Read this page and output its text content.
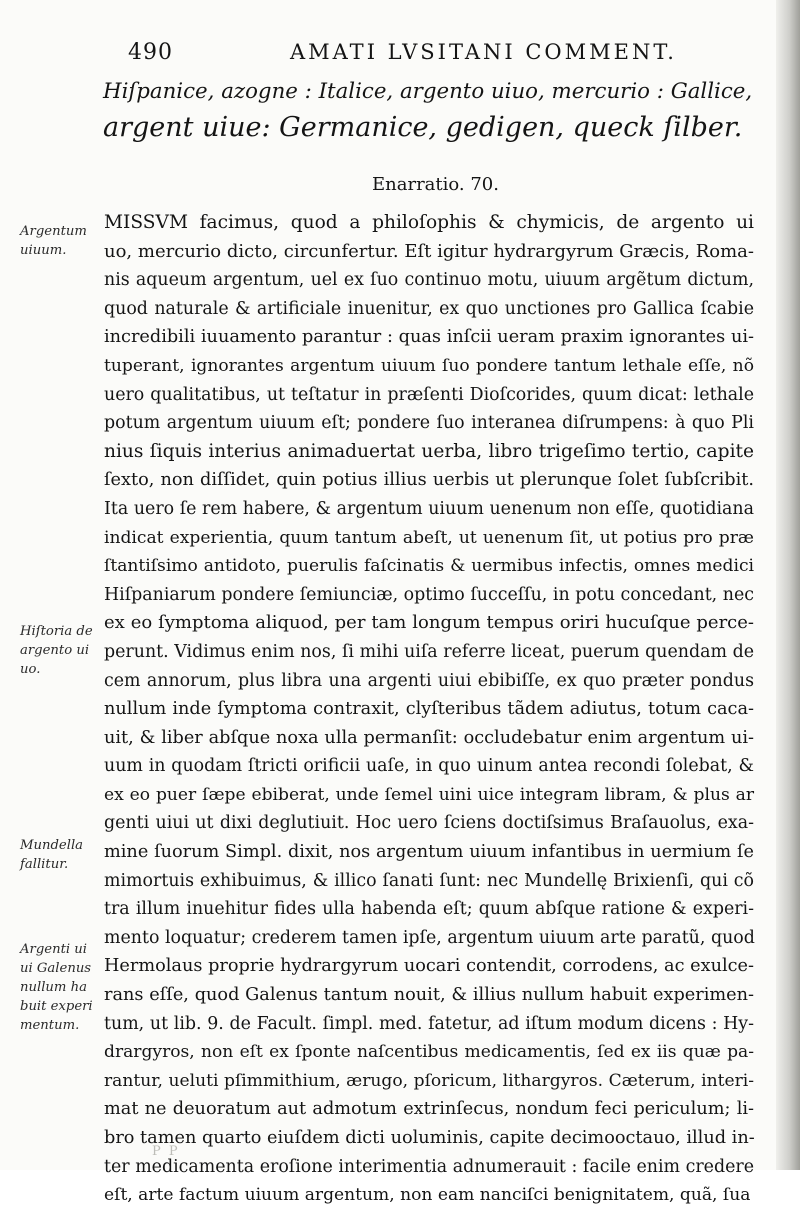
490	AMATI LVSITANI COMMENT.
Hiſpanice, azogne : Italice, argento uiuo, mercurio : Gallice,
argent uiue: Germanice, gedigen, queck ſilber.
Enarratio. 70.
MISSVM facimus, quod a philoſophis & chymicis, de argento ui
uo, mercurio dicto, circunfertur. Eſt igitur hydrargyrum Græcis, Roma-
nis aqueum argentum, uel ex ſuo continuo motu, uiuum argẽtum dictum,
quod naturale & artificiale inuenitur, ex quo unctiones pro Gallica ſcabie
incredibili iuuamento parantur : quas inſcii ueram praxim ignorantes ui-
tuperant, ignorantes argentum uiuum ſuo pondere tantum lethale eſſe, nõ
uero qualitatibus, ut teſtatur in præſenti Dioſcorides, quum dicat: lethale
potum argentum uiuum eſt; pondere ſuo interanea diſrumpens: à quo Pli
nius ſiquis interius animaduertat uerba, libro trigeſimo tertio, capite
ſexto, non diſſidet, quin potius illius uerbis ut plerunque ſolet ſubſcribit.
Ita uero ſe rem habere, & argentum uiuum uenenum non eſſe, quotidiana
indicat experientia, quum tantum abeſt, ut uenenum ſit, ut potius pro præ
ſtantiſsimo antidoto, puerulis faſcinatis & uermibus infectis, omnes medici
Hiſpaniarum pondere ſemiunciæ, optimo ſucceſſu, in potu concedant, nec
ex eo ſymptoma aliquod, per tam longum tempus oriri hucuſque perce-
perunt. Vidimus enim nos, ſi mihi uiſa referre liceat, puerum quendam de
cem annorum, plus libra una argenti uiui ebibiſſe, ex quo præter pondus
nullum inde ſymptoma contraxit, clyſteribus tãdem adiutus, totum caca-
uit, & liber abſque noxa ulla permanſit: occludebatur enim argentum ui-
uum in quodam ſtricti orificii uaſe, in quo uinum antea recondi ſolebat, &
ex eo puer ſæpe ebiberat, unde ſemel uini uice integram libram, & plus ar
genti uiui ut dixi deglutiuit. Hoc uero ſciens doctiſsimus Braſauolus, exa-
mine ſuorum Simpl. dixit, nos argentum uiuum infantibus in uermium ſe
mimortuis exhibuimus, & illico ſanati ſunt: nec Mundellę Brixienſi, qui cõ
tra illum inuehitur fides ulla habenda eſt; quum abſque ratione & experi-
mento loquatur; crederem tamen ipſe, argentum uiuum arte paratũ, quod
Hermolaus proprie hydrargyrum uocari contendit, corrodens, ac exulce-
rans eſſe, quod Galenus tantum nouit, & illius nullum habuit experimen-
tum, ut lib. 9. de Facult. ſimpl. med. fatetur, ad iſtum modum dicens : Hy-
drargyros, non eſt ex ſponte naſcentibus medicamentis, ſed ex iis quæ pa-
rantur, ueluti pſimmithium, ærugo, pſoricum, lithargyros. Cæterum, interi-
mat ne deuoratum aut admotum extrinſecus, nondum feci periculum; li-
bro tamen quarto eiuſdem dicti uoluminis, capite decimooctauo, illud in-
ter medicamenta eroſione interimentia adnumerauit : facile enim credere
eſt, arte factum uiuum argentum, non eam nanciſci benignitatem, quã, ſua
Argentum
uiuum.
Hiſtoria de
argento ui
uo.
Mundella
fallitur.
Argenti ui
ui Galenus
nullum ha
buit experi
mentum.
P P
